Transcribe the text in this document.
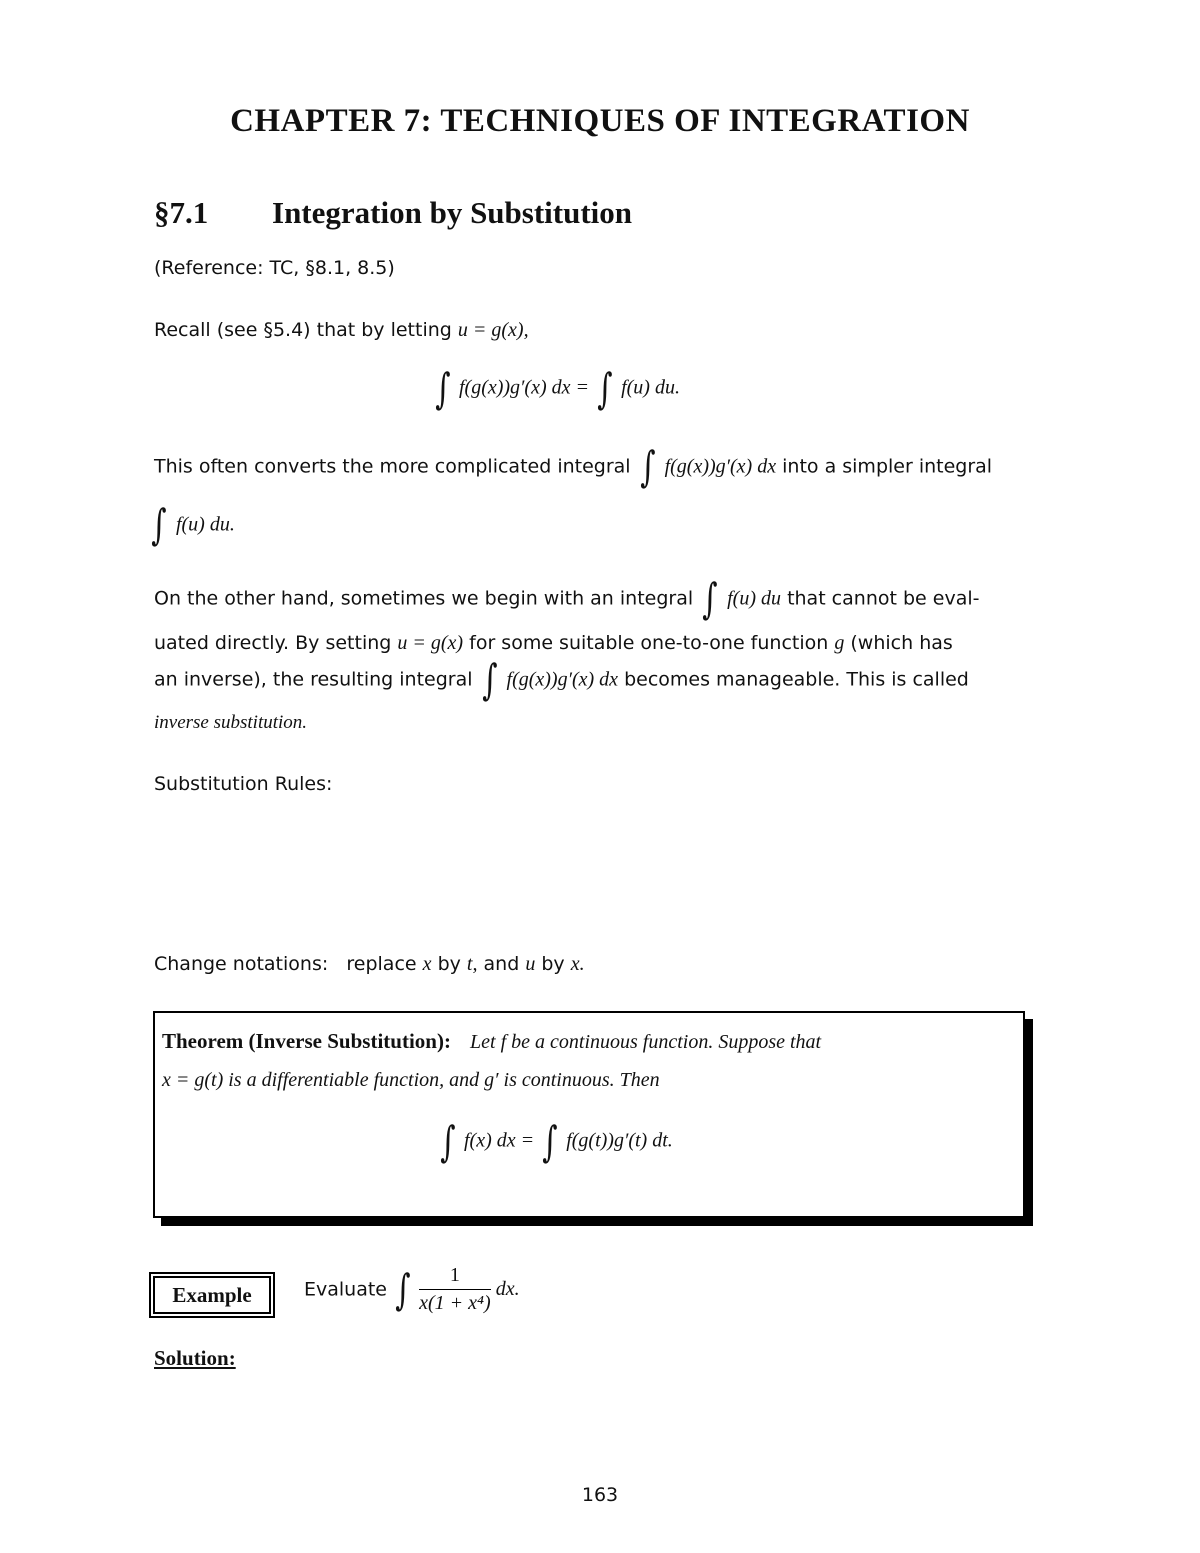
CHAPTER 7: TECHNIQUES OF INTEGRATION
§7.1 Integration by Substitution
(Reference: TC, §8.1, 8.5)
Recall (see §5.4) that by letting u = g(x),
∫ f(g(x))g′(x) dx = ∫ f(u) du.
This often converts the more complicated integral ∫ f(g(x))g′(x) dx into a simpler integral
∫ f(u) du.
On the other hand, sometimes we begin with an integral ∫ f(u) du that cannot be eval-
uated directly. By setting u = g(x) for some suitable one-to-one function g (which has
an inverse), the resulting integral ∫ f(g(x))g′(x) dx becomes manageable. This is called
inverse substitution.
Substitution Rules:
Change notations: replace x by t, and u by x.
Theorem (Inverse Substitution): Let f be a continuous function. Suppose that
x = g(t) is a differentiable function, and g′ is continuous. Then
∫ f(x) dx = ∫ f(g(t))g′(t) dt.
Example	Evaluate ∫ $\frac{1}{\text{x(1 + x⁴)}}$ dx.
Solution:
163
